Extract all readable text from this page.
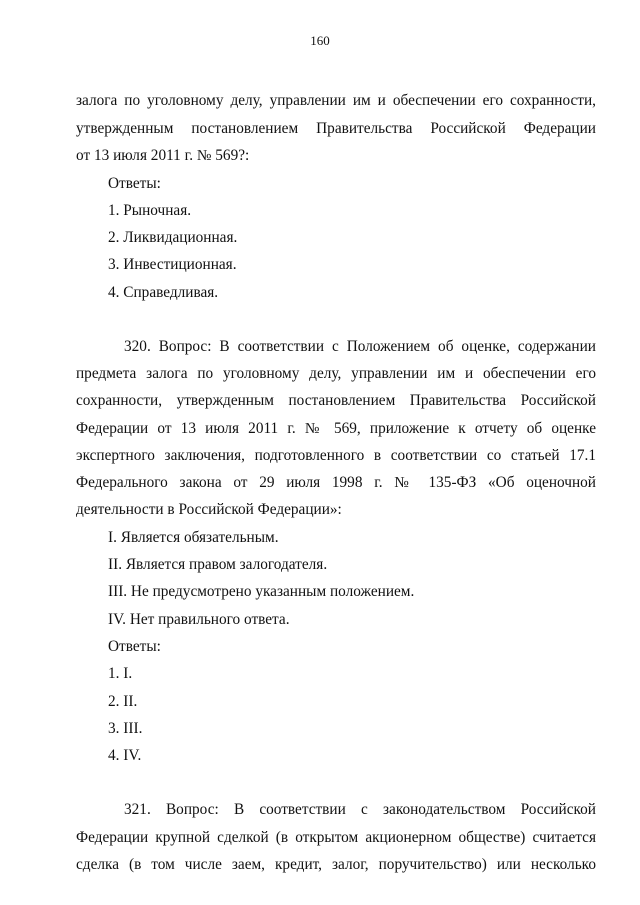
160
залога по уголовному делу, управлении им и обеспечении его сохранности,
утвержденным постановлением Правительства Российской Федерации
от 13 июля 2011 г. № 569?:
Ответы:
1. Рыночная.
2. Ликвидационная.
3. Инвестиционная.
4. Справедливая.
320. Вопрос: В соответствии с Положением об оценке, содержании
предмета залога по уголовному делу, управлении им и обеспечении его
сохранности, утвержденным постановлением Правительства Российской
Федерации от 13 июля 2011 г. № 569, приложение к отчету об оценке
экспертного заключения, подготовленного в соответствии со статьей 17.1
Федерального закона от 29 июля 1998 г. № 135-ФЗ «Об оценочной
деятельности в Российской Федерации»:
I. Является обязательным.
II. Является правом залогодателя.
III. Не предусмотрено указанным положением.
IV. Нет правильного ответа.
Ответы:
1. I.
2. II.
3. III.
4. IV.
321. Вопрос: В соответствии с законодательством Российской
Федерации крупной сделкой (в открытом акционерном обществе) считается
сделка (в том числе заем, кредит, залог, поручительство) или несколько
